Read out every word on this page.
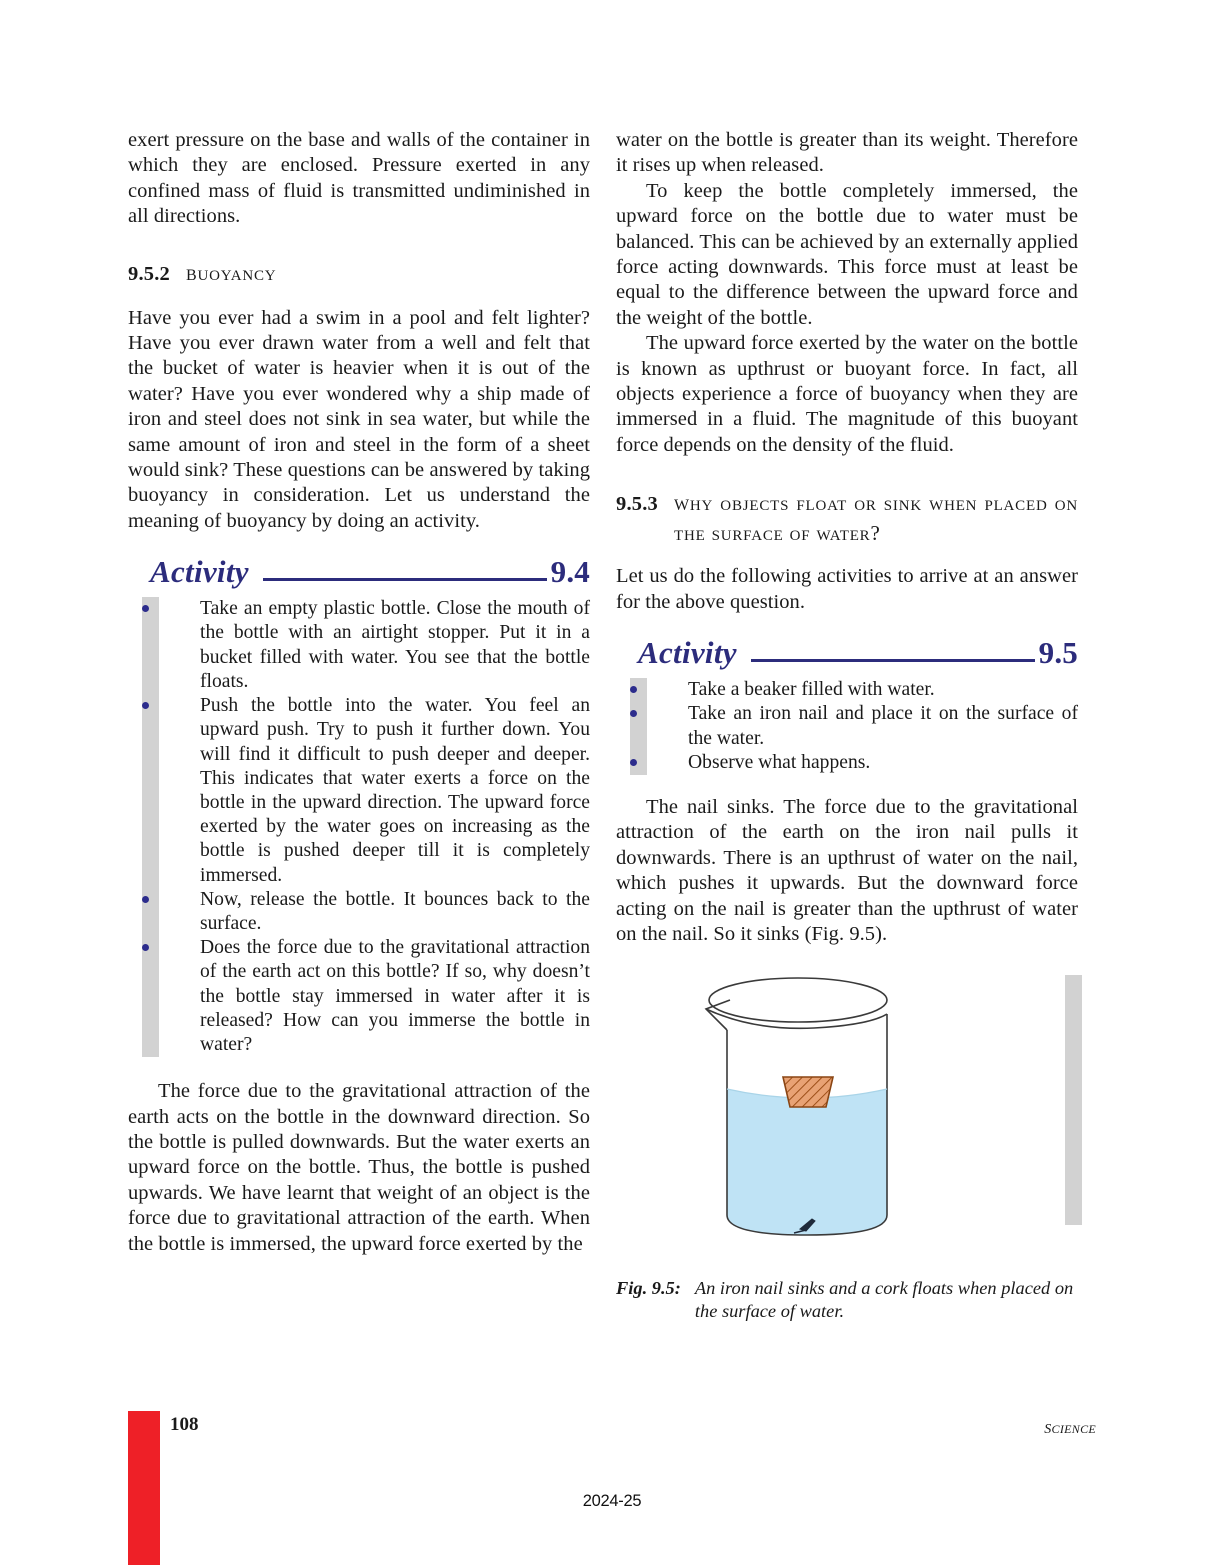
exert pressure on the base and walls of the container in which they are enclosed. Pressure exerted in any confined mass of fluid is transmitted undiminished in all directions.

9.5.2 buoyancy

Have you ever had a swim in a pool and felt lighter? Have you ever drawn water from a well and felt that the bucket of water is heavier when it is out of the water? Have you ever wondered why a ship made of iron and steel does not sink in sea water, but while the same amount of iron and steel in the form of a sheet would sink? These questions can be answered by taking buoyancy in consideration. Let us understand the meaning of buoyancy by doing an activity.

Activity	9.4
Take an empty plastic bottle. Close the mouth of the bottle with an airtight stopper. Put it in a bucket filled with water. You see that the bottle floats.
Push the bottle into the water. You feel an upward push. Try to push it further down. You will find it difficult to push deeper and deeper. This indicates that water exerts a force on the bottle in the upward direction. The upward force exerted by the water goes on increasing as the bottle is pushed deeper till it is completely immersed.
Now, release the bottle. It bounces back to the surface.
Does the force due to the gravitational attraction of the earth act on this bottle? If so, why doesn’t the bottle stay immersed in water after it is released? How can you immerse the bottle in water?

The force due to the gravitational attraction of the earth acts on the bottle in the downward direction. So the bottle is pulled downwards. But the water exerts an upward force on the bottle. Thus, the bottle is pushed upwards. We have learnt that weight of an object is the force due to gravitational attraction of the earth. When the bottle is immersed, the upward force exerted by the

water on the bottle is greater than its weight. Therefore it rises up when released.

To keep the bottle completely immersed, the upward force on the bottle due to water must be balanced. This can be achieved by an externally applied force acting downwards. This force must at least be equal to the difference between the upward force and the weight of the bottle.

The upward force exerted by the water on the bottle is known as upthrust or buoyant force. In fact, all objects experience a force of buoyancy when they are immersed in a fluid. The magnitude of this buoyant force depends on the density of the fluid.

9.5.3 why objects float or sink when placed on the surface of water?

Let us do the following activities to arrive at an answer for the above question.

Activity	9.5
Take a beaker filled with water.
Take an iron nail and place it on the surface of the water.
Observe what happens.

The nail sinks. The force due to the gravitational attraction of the earth on the iron nail pulls it downwards. There is an upthrust of water on the nail, which pushes it upwards. But the downward force acting on the nail is greater than the upthrust of water on the nail. So it sinks (Fig. 9.5).

Fig. 9.5: An iron nail sinks and a cork floats when placed on the surface of water.
108	science
2024-25
